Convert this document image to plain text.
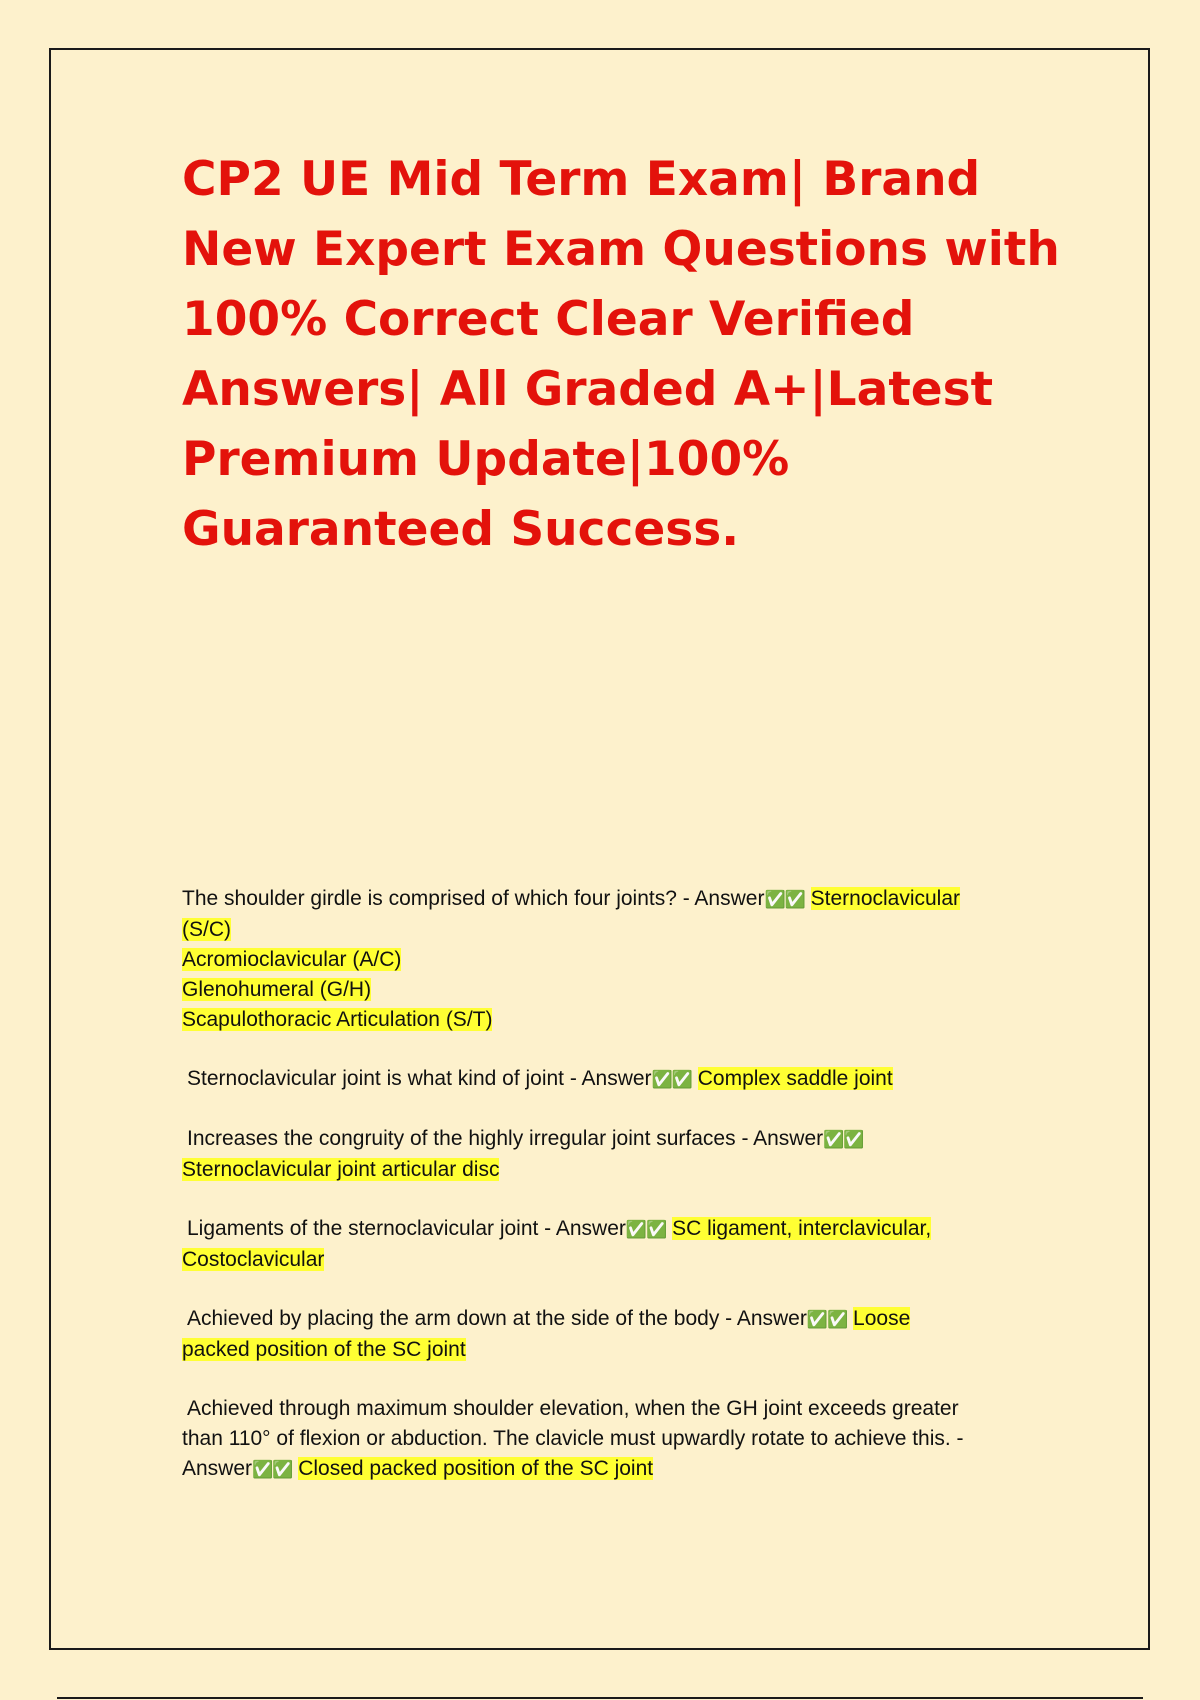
CP2 UE Mid Term Exam| Brand
New Expert Exam Questions with
100% Correct Clear Verified
Answers| All Graded A+|Latest
Premium Update|100%
Guaranteed Success.
The shoulder girdle is comprised of which four joints? - Answer✅✅ Sternoclavicular
(S/C)
Acromioclavicular (A/C)
Glenohumeral (G/H)
Scapulothoracic Articulation (S/T)
Sternoclavicular joint is what kind of joint - Answer✅✅ Complex saddle joint
Increases the congruity of the highly irregular joint surfaces - Answer✅✅
Sternoclavicular joint articular disc
Ligaments of the sternoclavicular joint - Answer✅✅ SC ligament, interclavicular,
Costoclavicular
Achieved by placing the arm down at the side of the body - Answer✅✅ Loose
packed position of the SC joint
Achieved through maximum shoulder elevation, when the GH joint exceeds greater
than 110° of flexion or abduction. The clavicle must upwardly rotate to achieve this. -
Answer✅✅ Closed packed position of the SC joint
